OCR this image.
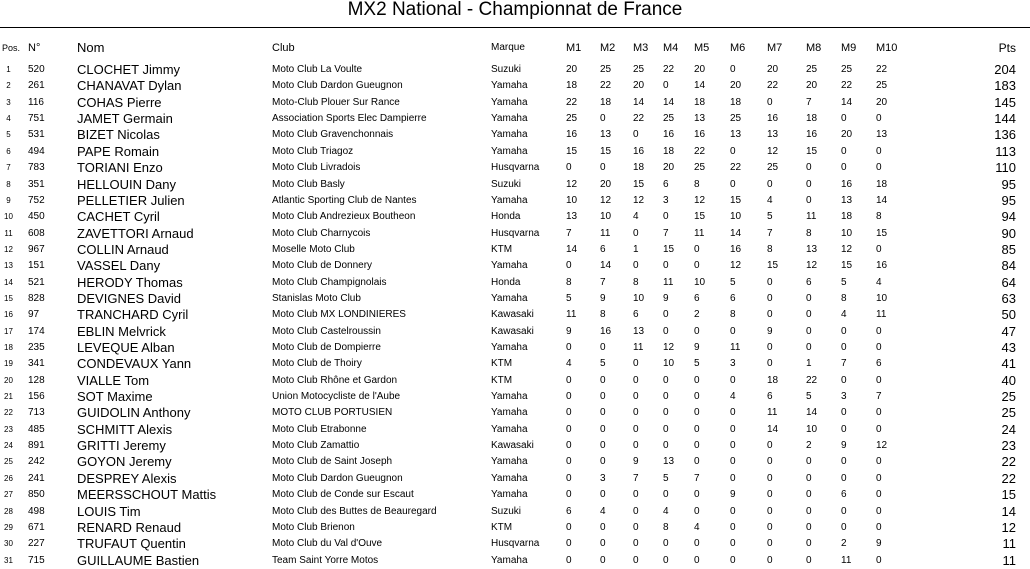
MX2 National - Championnat de France
Pos. N°	Nom	Club	Marque	M1 M2 M3 M4 M5 M6 M7 M8 M9 M10	Pts
1	520 CLOCHET Jimmy	Moto Club La Voulte	Suzuki	20 25 25 22 20 0	20	25 25 22	204
2	261 CHANAVAT Dylan	Moto Club Dardon Gueugnon	Yamaha	18 22 20 0	14 20	22	20 22 25	183
3	116	COHAS Pierre	Moto-Club Plouer Sur Rance	Yamaha	22 18 14 14 18 18	0	7	14 20	145
4	751 JAMET Germain	Association Sports Elec Dampierre	Yamaha	25 0	22 25 13 25	16	18 0	0	144
5	531 BIZET Nicolas	Moto Club Gravenchonnais	Yamaha	16 13 0 16 16 13	13	16 20 13	136
6	494 PAPE Romain	Moto Club Triagoz	Yamaha	15 15 16 18 22 0	12	15 0	0	113
7	783 TORIANI Enzo	Moto Club Livradois	Husqvarna	0	0	18 20 25 22	25	0	0	0	110
8	351 HELLOUIN Dany	Moto Club Basly	Suzuki	12 20 15 6	8	0	0	0	16 18	95
9	752 PELLETIER Julien	Atlantic Sporting Club de Nantes	Yamaha	10 12 12 3	12 15	4	0	13 14	95
10	450 CACHET Cyril	Moto Club Andrezieux Boutheon	Honda	13 10 4 0	15 10	5	11 18 8	94
11	608 ZAVETTORI Arnaud	Moto Club Charnycois	Husqvarna	7	11 0 7	11	14	7	8	10 15	90
12	967 COLLIN Arnaud	Moselle Moto Club	KTM	14 6	1 15 0	16	8	13 12 0	85
13	151 VASSEL Dany	Moto Club de Donnery	Yamaha	0	14 0 0	0	12	15	12 15 16	84
14	521 HERODY Thomas	Moto Club Champignolais	Honda	8	7	8 11 10 5	0	6	5	4	64
15	828 DEVIGNES David	Stanislas Moto Club	Yamaha	5	9	10 9	6	6	0	0	8	10	63
16	97	TRANCHARD Cyril	Moto Club MX LONDINIERES	Kawasaki	11 8	6 0	2	8	0	0	4	11	50
17	174 EBLIN Melvrick	Moto Club Castelroussin	Kawasaki	9	16 13 0	0	0	9	0	0	0	47
18	235 LEVEQUE Alban	Moto Club de Dompierre	Yamaha	0	0	11 12 9	11	0	0	0	0	43
19	341 CONDEVAUX Yann	Moto Club de Thoiry	KTM	4	5	0 10 5	3	0	1	7	6	41
20	128 VIALLE Tom	Moto Club Rhône et Gardon	KTM	0	0	0 0	0	0	18	22 0	0	40
21	156 SOT Maxime	Union Motocycliste de l'Aube	Yamaha	0	0	0 0	0	4	6	5	3	7	25
22	713 GUIDOLIN Anthony	MOTO CLUB PORTUSIEN	Yamaha	0	0	0 0	0	0	11	14 0	0	25
23	485 SCHMITT Alexis	Moto Club Etrabonne	Yamaha	0	0	0 0	0	0	14	10 0	0	24
24	891 GRITTI Jeremy	Moto Club Zamattio	Kawasaki	0	0	0 0	0	0	0	2	9	12	23
25	242 GOYON Jeremy	Moto Club de Saint Joseph	Yamaha	0	0	9 13 0	0	0	0	0	0	22
26	241 DESPREY Alexis	Moto Club Dardon Gueugnon	Yamaha	0	3	7 5	7	0	0	0	0	0	22
27	850 MEERSSCHOUT Mattis	Moto Club de Conde sur Escaut	Yamaha	0	0	0 0	0	9	0	0	6	0	15
28	498 LOUIS Tim	Moto Club des Buttes de Beauregard	Suzuki	6	4	0 4	0	0	0	0	0	0	14
29	671 RENARD Renaud	Moto Club Brienon	KTM	0	0	0 8	4	0	0	0	0	0	12
30	227 TRUFAUT Quentin	Moto Club du Val d'Ouve	Husqvarna	0	0	0 0	0	0	0	0	2	9	11
31	715 GUILLAUME Bastien	Team Saint Yorre Motos	Yamaha	0	0	0 0	0	0	0	0	11 0	11
